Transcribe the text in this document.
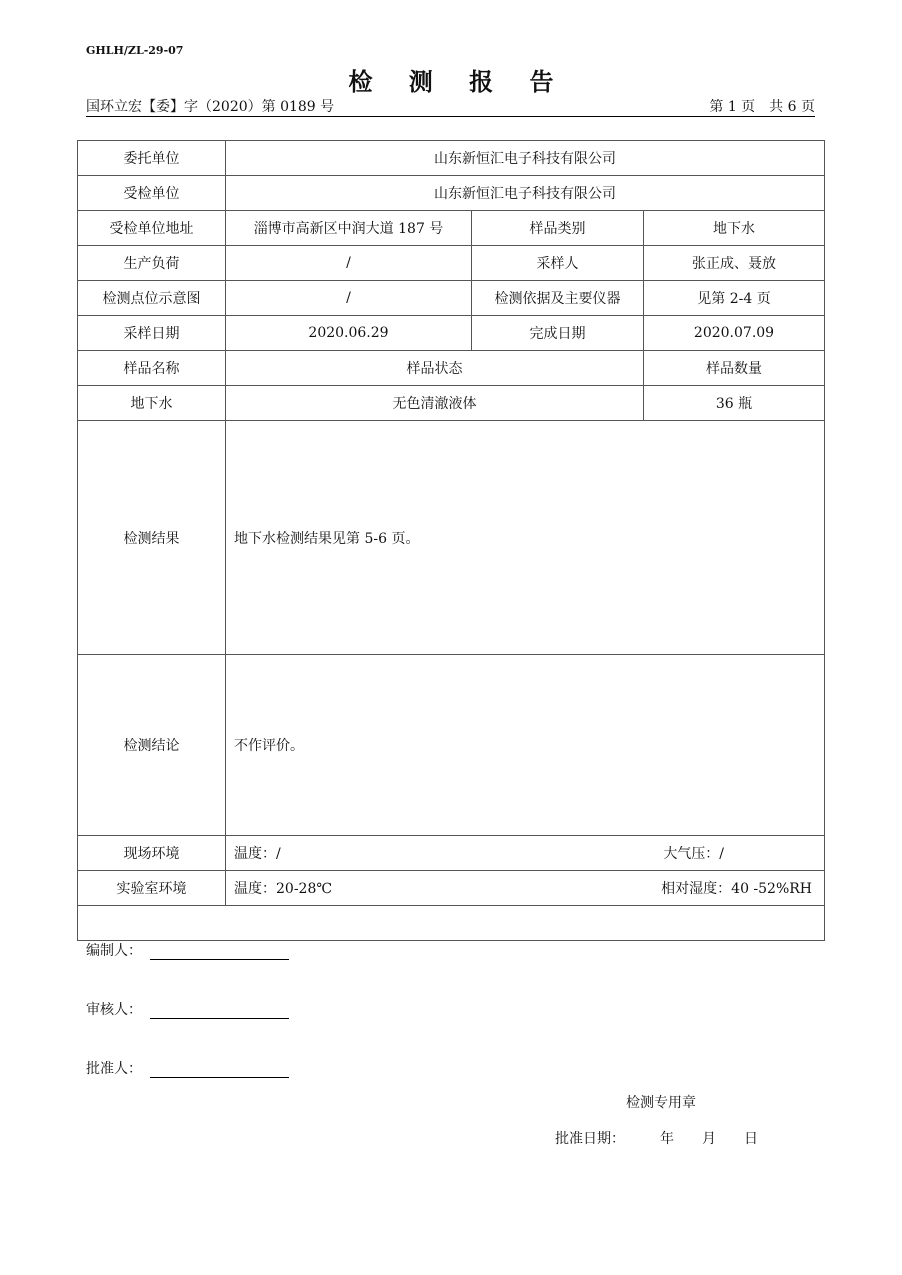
GHLH/ZL-29-07
检 测 报 告
国环立宏【委】字（2020）第 0189 号	第 1 页　共 6 页
委托单位	山东新恒汇电子科技有限公司		
受检单位	山东新恒汇电子科技有限公司		
受检单位地址	淄博市高新区中润大道 187 号	样品类别	地下水
生产负荷	/	采样人	张正成、聂放
检测点位示意图	/	检测依据及主要仪器	见第 2-4 页
采样日期	2020.06.29	完成日期	2020.07.09
样品名称	样品状态		样品数量
地下水	无色清澈液体		36 瓶
检测结果	地下水检测结果见第 5-6 页。		
检测结论	不作评价。		
现场环境	温度：/ 大气压：/		

实验室环境	温度：20-28℃ 相对湿度：40 -52%RH		

编制人：
审核人：
批准人：
检测专用章
批准日期：　　　年　　月　　日			
